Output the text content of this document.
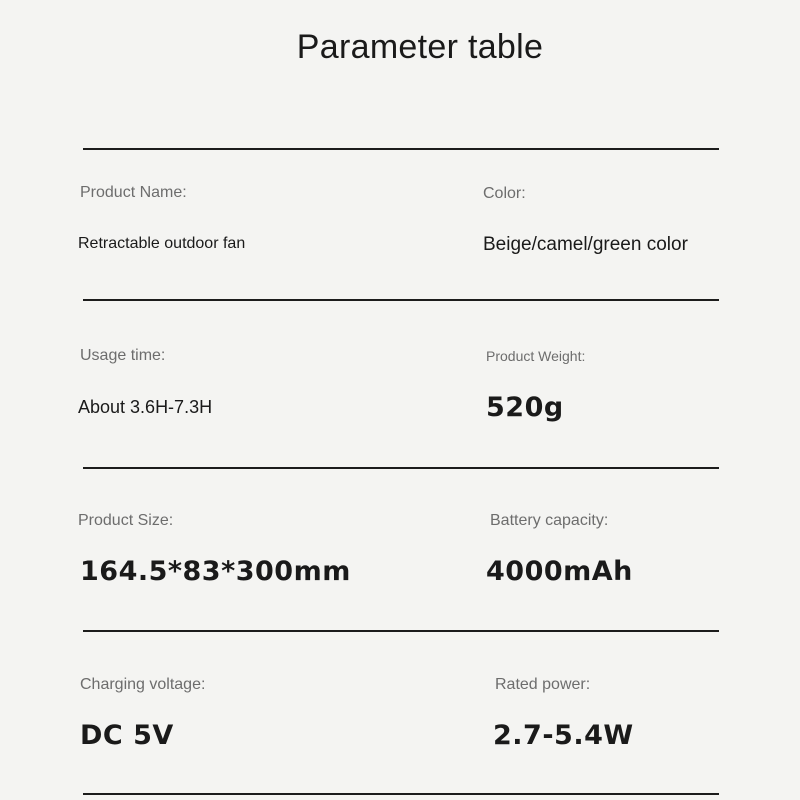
Parameter table
Product Name:	Color:
Retractable outdoor fan	Beige/camel/green color
Usage time:	Product Weight:
About 3.6H-7.3H	520g
Product Size:	Battery capacity:
164.5*83*300mm	4000mAh
Charging voltage:	Rated power:
DC 5V	2.7-5.4W
